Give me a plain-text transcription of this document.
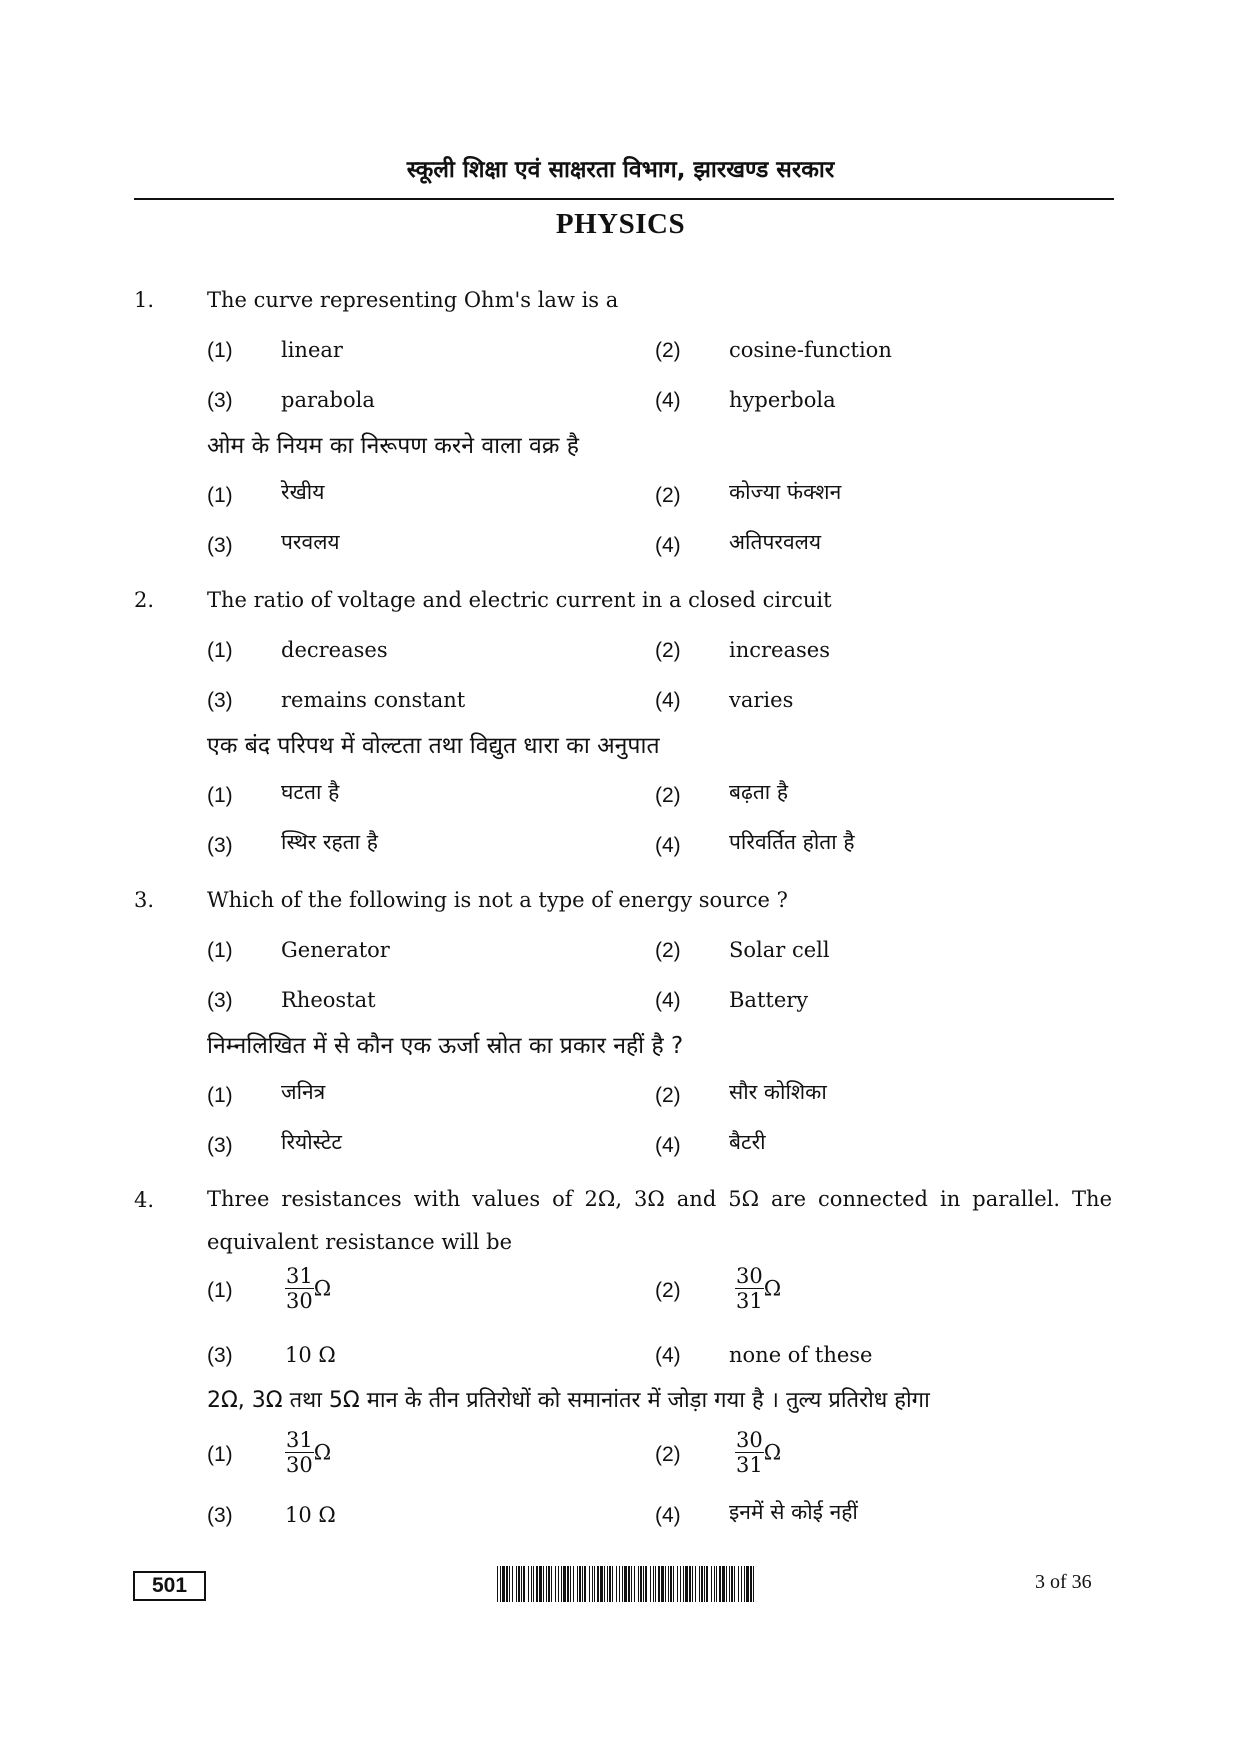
स्कूली शिक्षा एवं साक्षरता विभाग, झारखण्ड सरकार
PHYSICS
1.	The curve representing Ohm's law is a
(1) linear	(2) cosine-function
(3) parabola	(4) hyperbola
ओम के नियम का निरूपण करने वाला वक्र है
(1) रेखीय	(2) कोज्या फंक्शन
(3) परवलय	(4) अतिपरवलय
2.	The ratio of voltage and electric current in a closed circuit
(1) decreases	(2) increases
(3) remains constant	(4) varies
एक बंद परिपथ में वोल्टता तथा विद्युत धारा का अनुपात
(1) घटता है	(2) बढ़ता है
(3) स्थिर रहता है	(4) परिवर्तित होता है
3.	Which of the following is not a type of energy source ?
(1) Generator	(2) Solar cell
(3) Rheostat	(4) Battery
निम्नलिखित में से कौन एक ऊर्जा स्रोत का प्रकार नहीं है ?
(1) जनित्र	(2) सौर कोशिका
(3) रियोस्टेट	(4) बैटरी
4.	Three resistances with values of 2Ω, 3Ω and 5Ω are connected in parallel. The equivalent resistance will be
$(1) \frac{31}{30}$ Ω	(2)	$\frac{30}{31}$ Ω
(3) 10 Ω	(4) none of these
2Ω, 3Ω तथा 5Ω मान के तीन प्रतिरोधों को समानांतर में जोड़ा गया है । तुल्य प्रतिरोध होगा
$(1) \frac{31}{30}$ Ω	(2)	$\frac{30}{31}$ Ω
(3) 10 Ω	(4) इनमें से कोई नहीं
501	3 of 36
